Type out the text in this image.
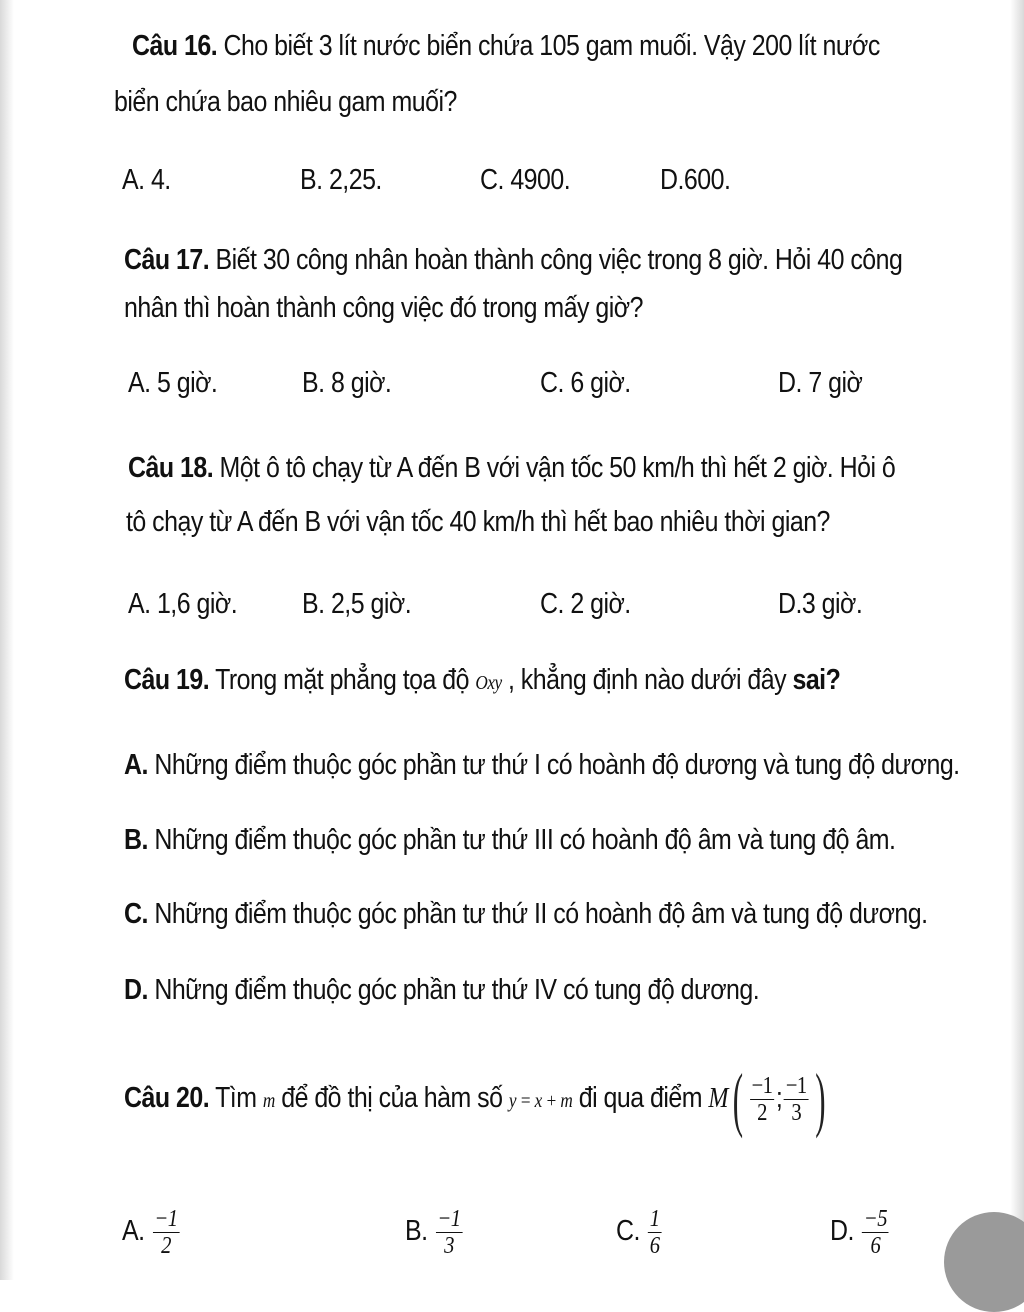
Câu 16. Cho biết 3 lít nước biển chứa 105 gam muối. Vậy 200 lít nước
biển chứa bao nhiêu gam muối?
A. 4.	B. 2,25.	C. 4900.	D.600.
Câu 17. Biết 30 công nhân hoàn thành công việc trong 8 giờ. Hỏi 40 công
nhân thì hoàn thành công việc đó trong mấy giờ?
A. 5 giờ.	B. 8 giờ.	C. 6 giờ.	D. 7 giờ
Câu 18. Một ô tô chạy từ A đến B với vận tốc 50 km/h thì hết 2 giờ. Hỏi ô
tô chạy từ A đến B với vận tốc 40 km/h thì hết bao nhiêu thời gian?
A. 1,6 giờ. B. 2,5 giờ.	C. 2 giờ.	D.3 giờ.
Câu 19. Trong mặt phẳng tọa độ Oxy , khẳng định nào dưới đây sai?
A. Những điểm thuộc góc phần tư thứ I có hoành độ dương và tung độ dương.
B. Những điểm thuộc góc phần tư thứ III có hoành độ âm và tung độ âm.
C. Những điểm thuộc góc phần tư thứ II có hoành độ âm và tung độ dương.
D. Những điểm thuộc góc phần tư thứ IV có tung độ dương.
Câu 20. Tìm m để đồ thị của hàm số y = x + m đi qua điểm $M( \frac{-1}{2}$ ; $\frac{-1}{3}$ )
A. $\frac{-1}{2}$	B. $\frac{-1}{3}$	C. $\frac{1}{6}$	D. $\frac{-5}{6}$
